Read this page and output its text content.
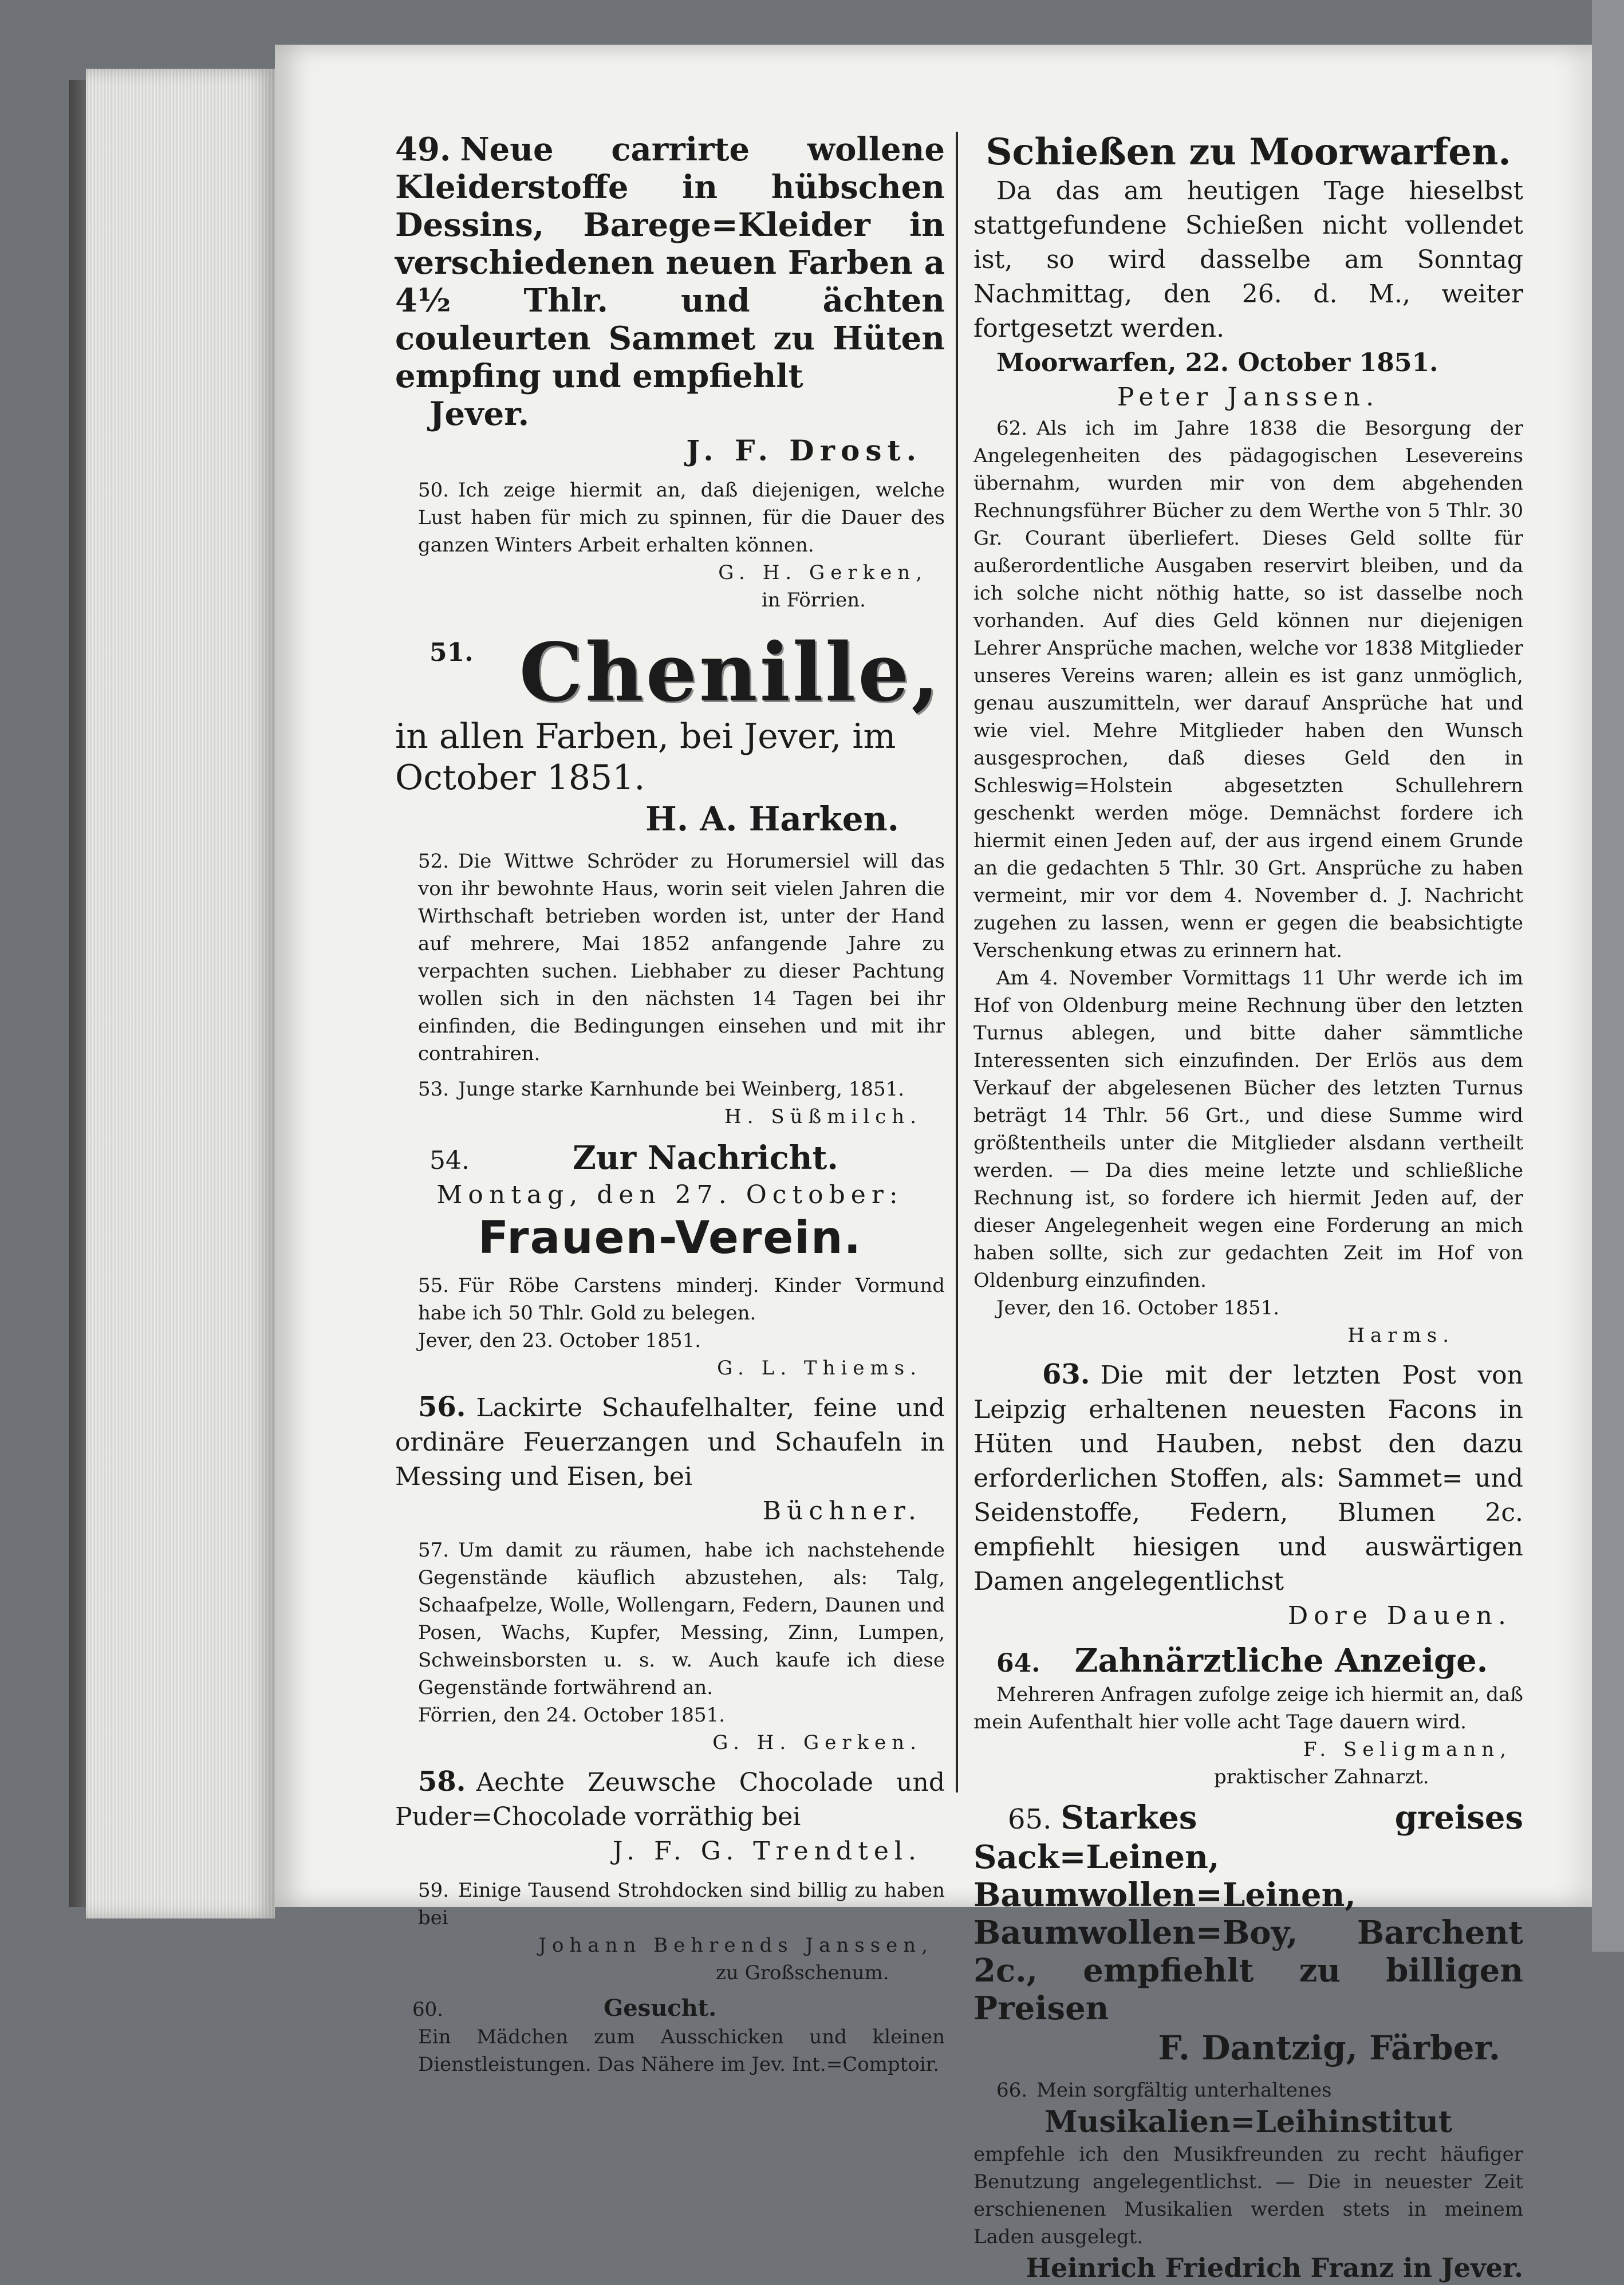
49. Neue carrirte wollene Kleiderstoffe in hübschen Dessins, Barege=Kleider in verschiedenen neuen Farben a 4½ Thlr. und ächten couleurten Sammet zu Hüten empfing und empfiehlt

Jever.

J. F. Drost.

50. Ich zeige hiermit an, daß diejenigen, welche Lust haben für mich zu spinnen, für die Dauer des ganzen Winters Arbeit erhalten können.

G. H. Gerken,

in Förrien.

51. Chenille,

in allen Farben, bei Jever, im October 1851.

H. A. Harken.

52. Die Wittwe Schröder zu Horumersiel will das von ihr bewohnte Haus, worin seit vielen Jahren die Wirthschaft betrieben worden ist, unter der Hand auf mehrere, Mai 1852 anfangende Jahre zu verpachten suchen. Liebhaber zu dieser Pachtung wollen sich in den nächsten 14 Tagen bei ihr einfinden, die Bedingungen einsehen und mit ihr contrahiren.

53. Junge starke Karnhunde bei Weinberg, 1851.

H. Süßmilch.

54.	Zur Nachricht.

Montag, den 27. October:

Frauen-Verein.

55. Für Röbe Carstens minderj. Kinder Vormund habe ich 50 Thlr. Gold zu belegen.

Jever, den 23. October 1851.

G. L. Thiems.

56. Lackirte Schaufelhalter, feine und ordinäre Feuerzangen und Schaufeln in Messing und Eisen, bei

Büchner.

57. Um damit zu räumen, habe ich nachstehende Gegenstände käuflich abzustehen, als: Talg, Schaafpelze, Wolle, Wollengarn, Federn, Daunen und Posen, Wachs, Kupfer, Messing, Zinn, Lumpen, Schweinsborsten u. s. w. Auch kaufe ich diese Gegenstände fortwährend an.

Förrien, den 24. October 1851.

G. H. Gerken.

58. Aechte Zeuwsche Chocolade und Puder=Chocolade vorräthig bei

J. F. G. Trendtel.

59. Einige Tausend Strohdocken sind billig zu haben bei

Johann Behrends Janssen,

zu Großschenum.

60.	Gesucht.

Ein Mädchen zum Ausschicken und kleinen Dienstleistungen. Das Nähere im Jev. Int.=Comptoir.

Schießen zu Moorwarfen.

Da das am heutigen Tage hieselbst stattgefundene Schießen nicht vollendet ist, so wird dasselbe am Sonntag Nachmittag, den 26. d. M., weiter fortgesetzt werden.

Moorwarfen, 22. October 1851.

Peter Janssen.

62. Als ich im Jahre 1838 die Besorgung der Angelegenheiten des pädagogischen Lesevereins übernahm, wurden mir von dem abgehenden Rechnungsführer Bücher zu dem Werthe von 5 Thlr. 30 Gr. Courant überliefert. Dieses Geld sollte für außerordentliche Ausgaben reservirt bleiben, und da ich solche nicht nöthig hatte, so ist dasselbe noch vorhanden. Auf dies Geld können nur diejenigen Lehrer Ansprüche machen, welche vor 1838 Mitglieder unseres Vereins waren; allein es ist ganz unmöglich, genau auszumitteln, wer darauf Ansprüche hat und wie viel. Mehre Mitglieder haben den Wunsch ausgesprochen, daß dieses Geld den in Schleswig=Holstein abgesetzten Schullehrern geschenkt werden möge. Demnächst fordere ich hiermit einen Jeden auf, der aus irgend einem Grunde an die gedachten 5 Thlr. 30 Grt. Ansprüche zu haben vermeint, mir vor dem 4. November d. J. Nachricht zugehen zu lassen, wenn er gegen die beabsichtigte Verschenkung etwas zu erinnern hat.

Am 4. November Vormittags 11 Uhr werde ich im Hof von Oldenburg meine Rechnung über den letzten Turnus ablegen, und bitte daher sämmtliche Interessenten sich einzufinden. Der Erlös aus dem Verkauf der abgelesenen Bücher des letzten Turnus beträgt 14 Thlr. 56 Grt., und diese Summe wird größtentheils unter die Mitglieder alsdann vertheilt werden. — Da dies meine letzte und schließliche Rechnung ist, so fordere ich hiermit Jeden auf, der dieser Angelegenheit wegen eine Forderung an mich haben sollte, sich zur gedachten Zeit im Hof von Oldenburg einzufinden.

Jever, den 16. October 1851.

Harms.

63. Die mit der letzten Post von Leipzig erhaltenen neuesten Facons in Hüten und Hauben, nebst den dazu erforderlichen Stoffen, als: Sammet= und Seidenstoffe, Federn, Blumen 2c. empfiehlt hiesigen und auswärtigen Damen angelegentlichst

Dore Dauen.

64. Zahnärztliche Anzeige.

Mehreren Anfragen zufolge zeige ich hiermit an, daß mein Aufenthalt hier volle acht Tage dauern wird.

F. Seligmann,

praktischer Zahnarzt.

65. Starkes greises Sack=Leinen, Baumwollen=Leinen, Baumwollen=Boy, Barchent 2c., empfiehlt zu billigen Preisen

F. Dantzig, Färber.

66. Mein sorgfältig unterhaltenes

Musikalien=Leihinstitut

empfehle ich den Musikfreunden zu recht häufiger Benutzung angelegentlichst. — Die in neuester Zeit erschienenen Musikalien werden stets in meinem Laden ausgelegt.

Heinrich Friedrich Franz in Jever.
